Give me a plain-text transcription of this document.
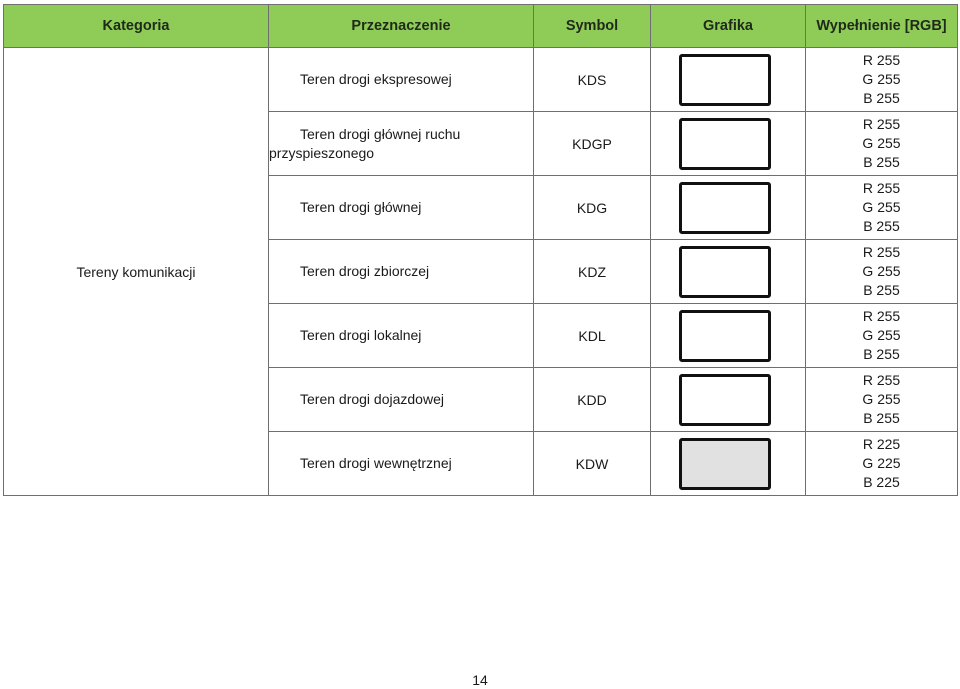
Kategoria	Przeznaczenie	Symbol	Grafika	Wypełnienie [RGB]
Tereny komunikacji	Teren drogi ekspresowej	KDS		R 255
G 255
B 255

	Teren drogi głównej ruchu
przyspieszonego	KDGP		R 255
G 255
B 255

	Teren drogi głównej	KDG		R 255
G 255
B 255

	Teren drogi zbiorczej	KDZ		R 255
G 255
B 255

	Teren drogi lokalnej	KDL		R 255
G 255
B 255

	Teren drogi dojazdowej	KDD		R 255
G 255
B 255

	Teren drogi wewnętrznej	KDW		R 225
G 225
B 225
14
